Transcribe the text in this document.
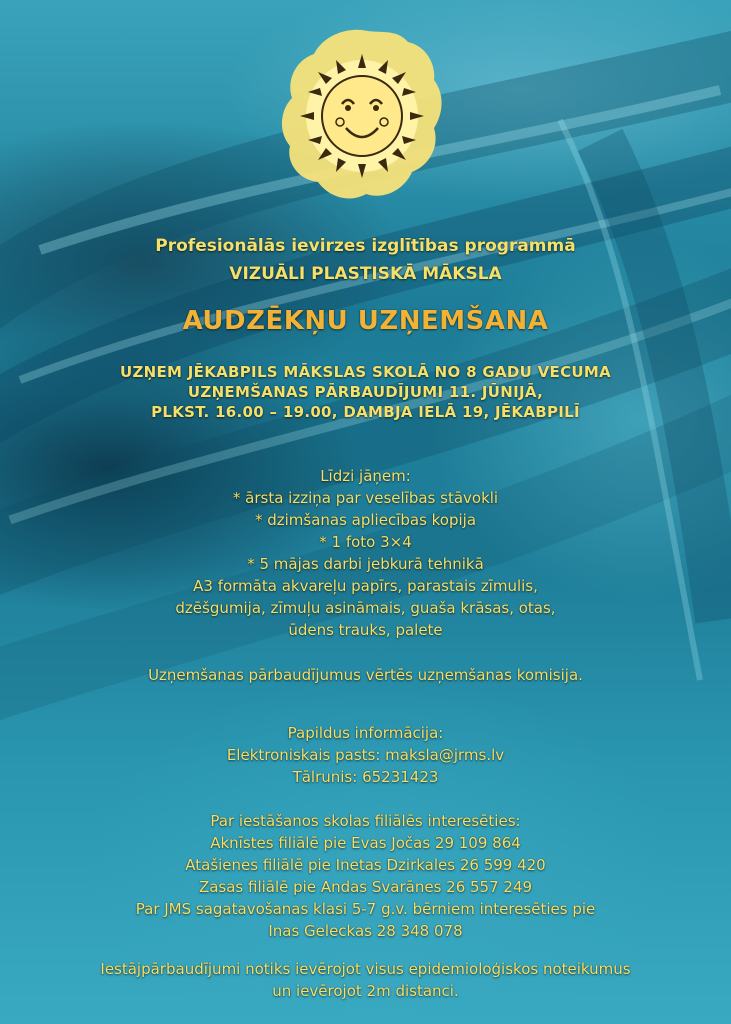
Profesionālās ievirzes izglītības programmā
VIZUĀLI PLASTISKĀ MĀKSLA
AUDZĒKŅU UZŅEMŠANA
UZŅEM JĒKABPILS MĀKSLAS SKOLĀ NO 8 GADU VECUMA
UZŅEMŠANAS PĀRBAUDĪJUMI 11. JŪNIJĀ,
PLKST. 16.00 – 19.00, DAMBJA IELĀ 19, JĒKABPILĪ
Līdzi jāņem:
* ārsta izziņa par veselības stāvokli
* dzimšanas apliecības kopija
* 1 foto 3×4
* 5 mājas darbi jebkurā tehnikā
A3 formāta akvareļu papīrs, parastais zīmulis,
dzēšgumija, zīmuļu asināmais, guaša krāsas, otas,
ūdens trauks, palete
Uzņemšanas pārbaudījumus vērtēs uzņemšanas komisija.
Papildus informācija:
Elektroniskais pasts: maksla@jrms.lv
Tālrunis: 65231423
Par iestāšanos skolas filiālēs interesēties:
Aknīstes filiālē pie Evas Jočas 29 109 864
Atašienes filiālē pie Inetas Dzirkales 26 599 420
Zasas filiālē pie Andas Svarānes 26 557 249
Par JMS sagatavošanas klasi 5-7 g.v. bērniem interesēties pie
Inas Geleckas 28 348 078
Iestājpārbaudījumi notiks ievērojot visus epidemioloģiskos noteikumus
un ievērojot 2m distanci.
